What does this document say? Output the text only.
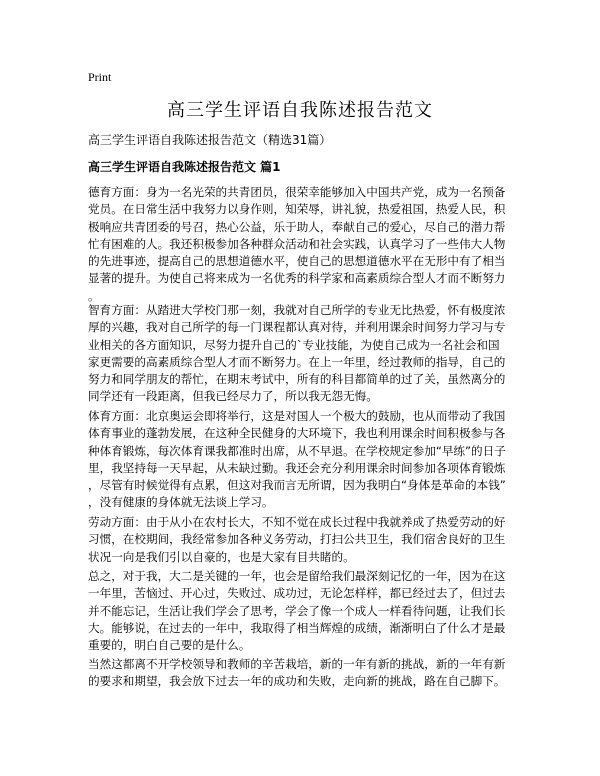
Print
高三学生评语自我陈述报告范文
高三学生评语自我陈述报告范文（精选31篇）
高三学生评语自我陈述报告范文 篇1
德育方面：身为一名光荣的共青团员，很荣幸能够加入中国共产党，成为一名预备
党员。在日常生活中我努力以身作则，知荣辱，讲礼貌，热爱祖国，热爱人民，积
极响应共青团委的号召，热心公益，乐于助人，奉献自己的爱心，尽自己的潜力帮
忙有困难的人。我还积极参加各种群众活动和社会实践，认真学习了一些伟大人物
的先进事迹，提高自己的思想道德水平，使自己的思想道德水平在无形中有了相当
显著的提升。为使自己将来成为一名优秀的科学家和高素质综合型人才而不断努力
。
智育方面：从踏进大学校门那一刻，我就对自己所学的专业无比热爱，怀有极度浓
厚的兴趣，我对自己所学的每一门课程都认真对待，并利用课余时间努力学习与专
业相关的各方面知识，尽努力提升自己的`专业技能，为使自己成为一名社会和国
家更需要的高素质综合型人才而不断努力。在上一年里，经过教师的指导，自己的
努力和同学朋友的帮忙，在期末考试中，所有的科目都简单的过了关，虽然离分的
同学还有一段距离，但我已经尽力了，所以我无怨无悔。
体育方面：北京奥运会即将举行，这是对国人一个极大的鼓励，也从而带动了我国
体育事业的蓬勃发展，在这种全民健身的大环境下，我也利用课余时间积极参与各
种体育锻炼，每次体育课我都准时出席，从不早退。在学校规定参加“早练”的日子
里，我坚持每一天早起，从未缺过勤。我还会充分利用课余时间参加各项体育锻炼
，尽管有时候觉得有点累，但这对我而言无所谓，因为我明白“身体是革命的本钱”
，没有健康的身体就无法谈上学习。
劳动方面：由于从小在农村长大，不知不觉在成长过程中我就养成了热爱劳动的好
习惯，在校期间，我经常参加各种义务劳动，打扫公共卫生，我们宿舍良好的卫生
状况一向是我们引以自豪的，也是大家有目共睹的。
总之，对于我，大二是关键的一年，也会是留给我们最深刻记忆的一年，因为在这
一年里，苦恼过、开心过，失败过、成功过，无论怎样样，都已经过去了，但过去
并不能忘记，生活让我们学会了思考，学会了像一个成人一样看待问题，让我们长
大。能够说，在过去的一年中，我取得了相当辉煌的成绩，渐渐明白了什么才是最
重要的，明白自己要的是什么。
当然这都离不开学校领导和教师的辛苦栽培，新的一年有新的挑战，新的一年有新
的要求和期望，我会放下过去一年的成功和失败，走向新的挑战，路在自己脚下。
